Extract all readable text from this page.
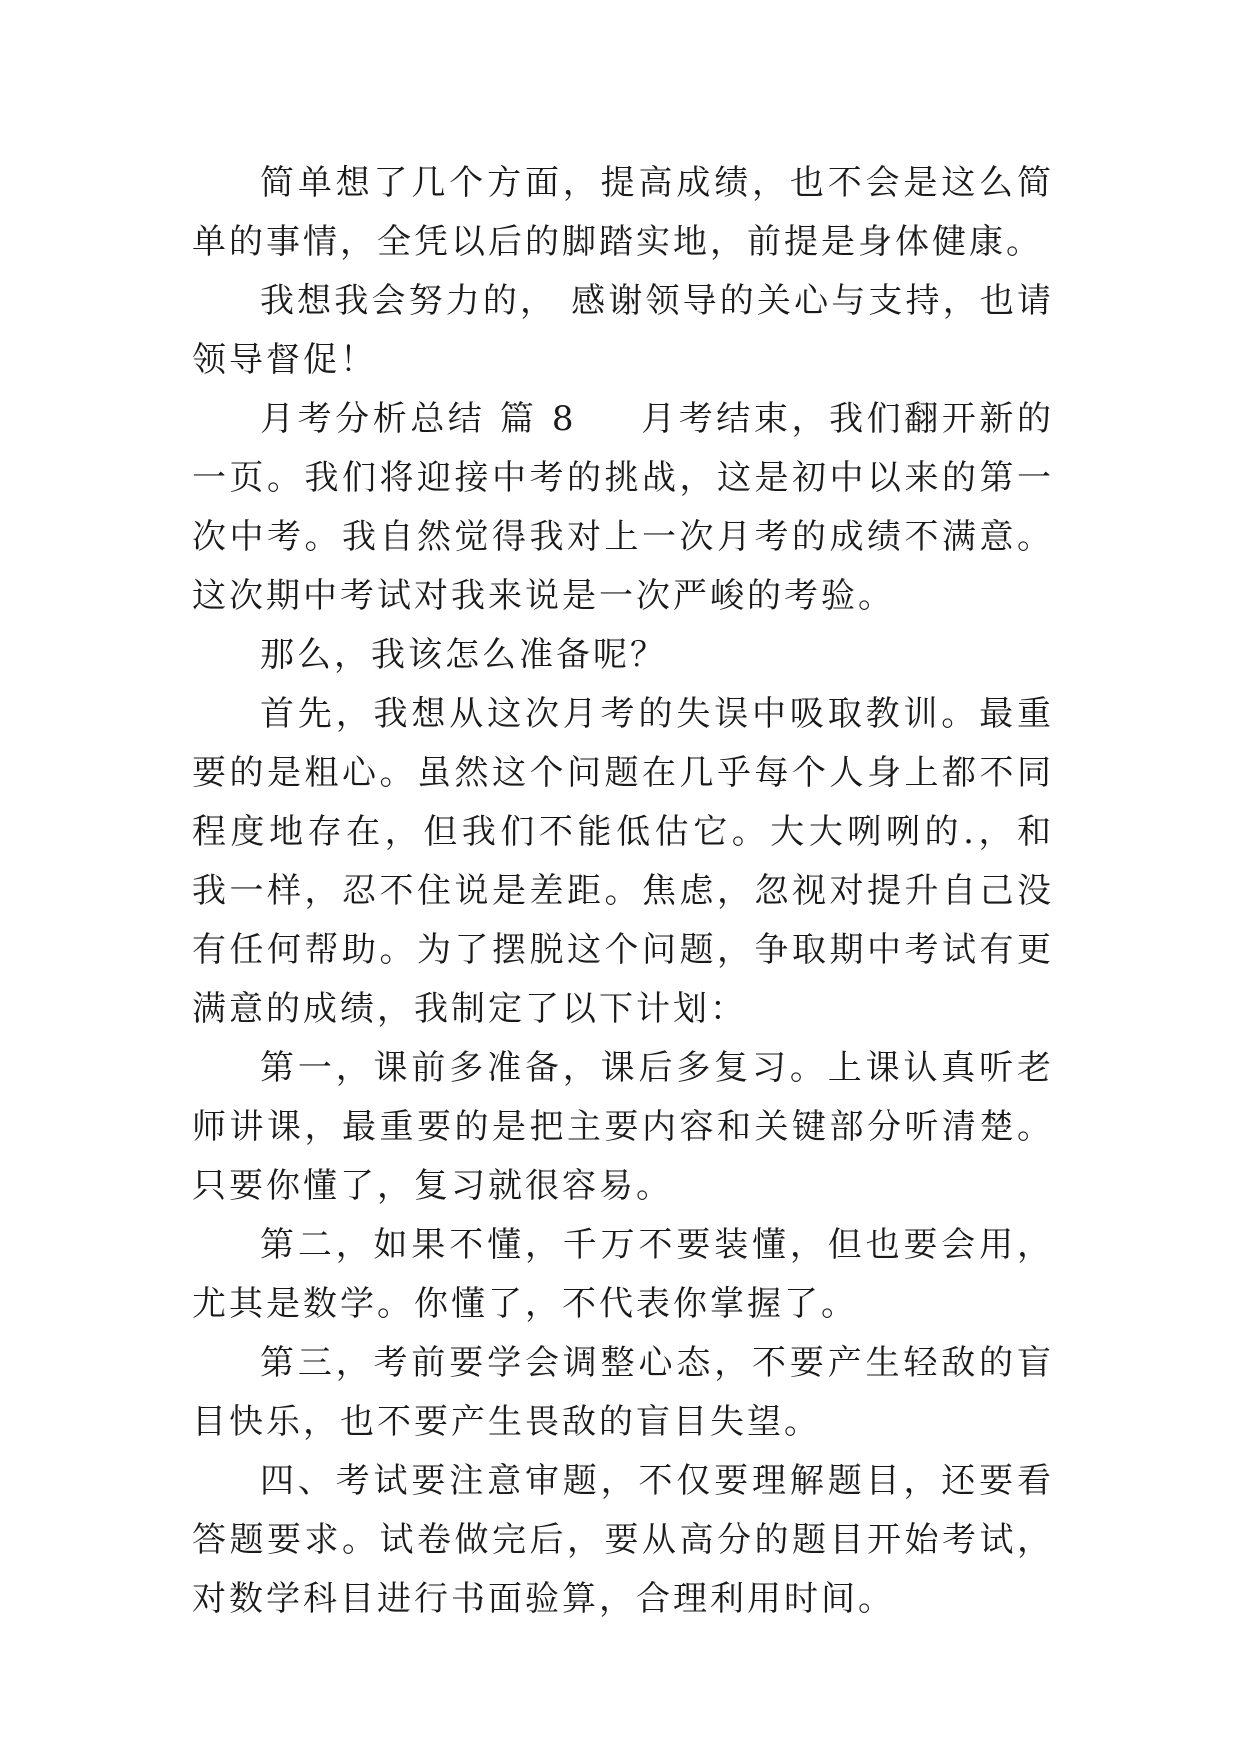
简单想了几个方面，提高成绩，也不会是这么简单的事情，全凭以后的脚踏实地，前提是身体健康。

我想我会努力的， 感谢领导的关心与支持，也请领导督促！

月考分析总结 篇 8 月考结束，我们翻开新的一页。我们将迎接中考的挑战，这是初中以来的第一次中考。我自然觉得我对上一次月考的成绩不满意。这次期中考试对我来说是一次严峻的考验。

那么，我该怎么准备呢？

首先，我想从这次月考的失误中吸取教训。最重要的是粗心。虽然这个问题在几乎每个人身上都不同程度地存在，但我们不能低估它。大大咧咧的.，和我一样，忍不住说是差距。焦虑，忽视对提升自己没有任何帮助。为了摆脱这个问题，争取期中考试有更满意的成绩，我制定了以下计划：

第一，课前多准备，课后多复习。上课认真听老师讲课，最重要的是把主要内容和关键部分听清楚。只要你懂了，复习就很容易。

第二，如果不懂，千万不要装懂，但也要会用，尤其是数学。你懂了，不代表你掌握了。

第三，考前要学会调整心态，不要产生轻敌的盲目快乐，也不要产生畏敌的盲目失望。

四、考试要注意审题，不仅要理解题目，还要看答题要求。试卷做完后，要从高分的题目开始考试，对数学科目进行书面验算，合理利用时间。
